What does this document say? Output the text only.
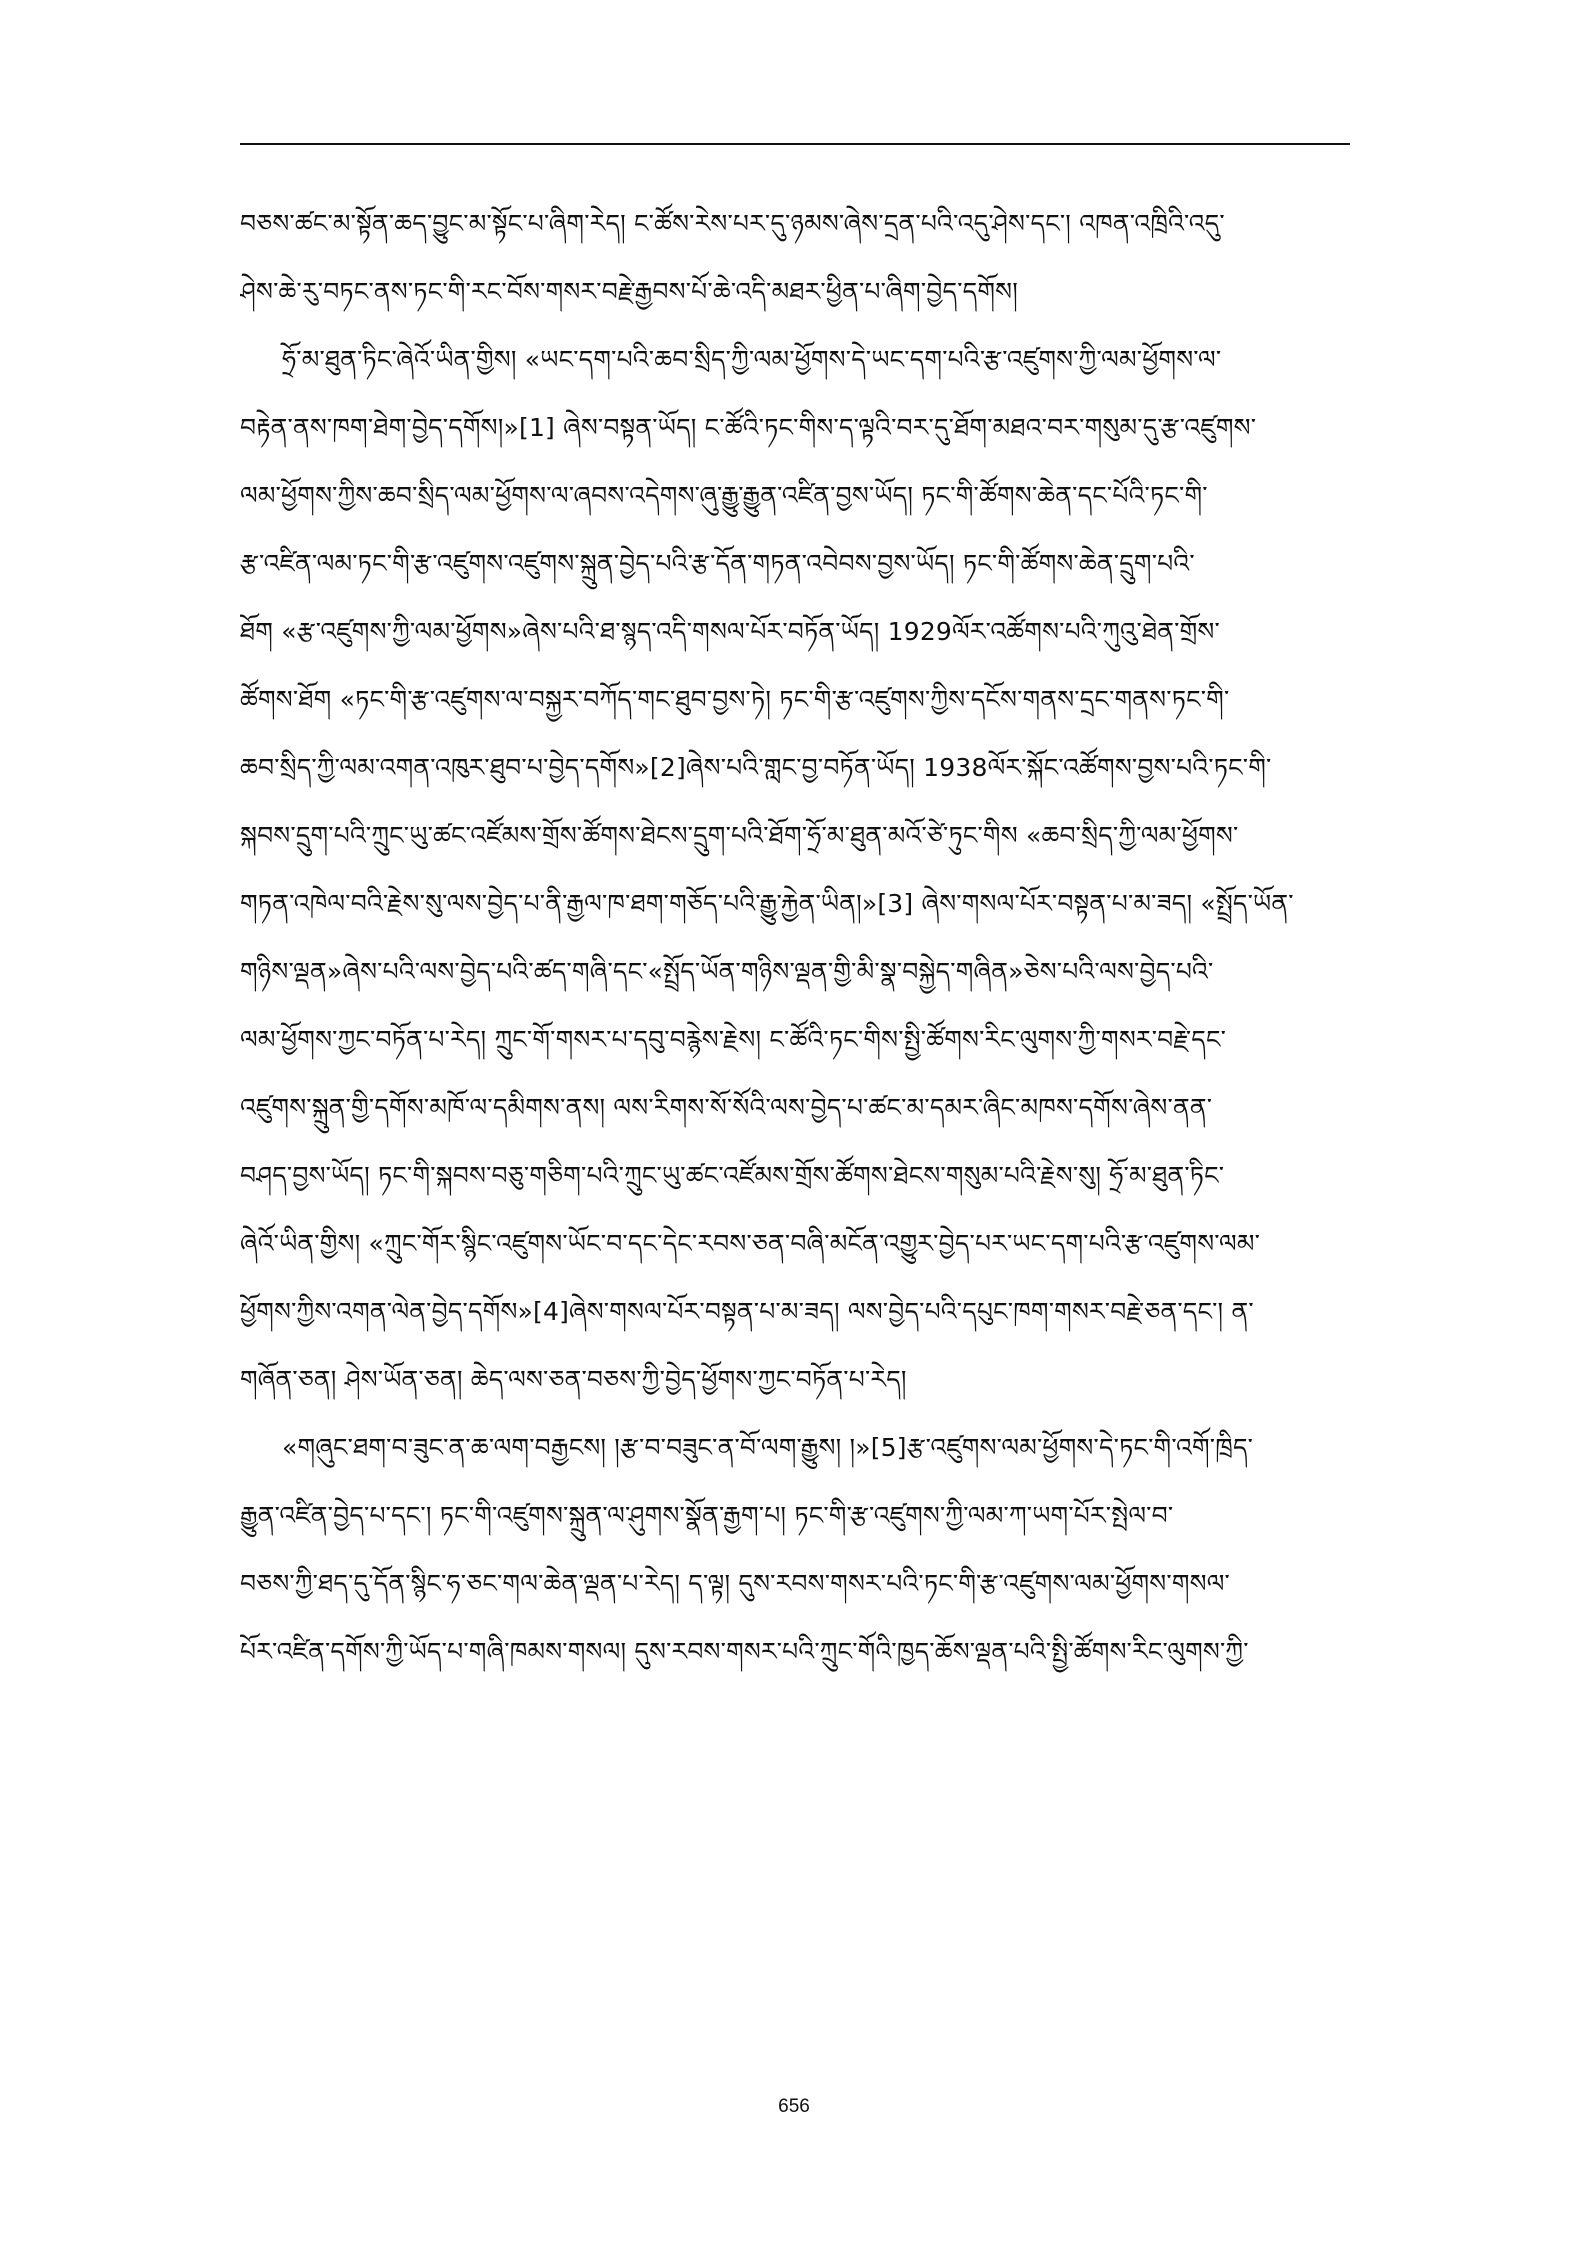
བཅས་ཚང་མ་སྟོན་ཆད་བྱུང་མ་སྟོང་པ་ཞིག་རེད། ང་ཚོས་རེས་པར་དུ་ཉམས་ཞེས་དྲན་པའི་འདུ་ཤེས་དང་། འཁན་འཁྲིའི་འདུ་
ཤེས་ཆེ་རུ་བཏང་ནས་ཏང་གི་རང་བོས་གསར་བརྗེ་རྒྱབས་པོ་ཆེ་འདི་མཐར་ཕྱིན་པ་ཞིག་བྱེད་དགོས།
ཧྲོ་མ་ཐུན་ཏིང་ཞེའོ་ཡིན་གྱིས། «ཡང་དག་པའི་ཆབ་སྲིད་ཀྱི་ལམ་ཕྱོགས་དེ་ཡང་དག་པའི་རྩ་འཛུགས་ཀྱི་ལམ་ཕྱོགས་ལ་
བརྟེན་ནས་ཁག་ཐེག་བྱེད་དགོས།»[1] ཞེས་བསྟན་ཡོད། ང་ཚོའི་ཏང་གིས་ད་ལྟའི་བར་དུ་ཐོག་མཐའ་བར་གསུམ་དུ་རྩ་འཛུགས་
ལམ་ཕྱོགས་ཀྱིས་ཆབ་སྲིད་ལམ་ཕྱོགས་ལ་ཞབས་འདེགས་ཞུ་རྒྱུ་རྒྱུན་འཛིན་བྱས་ཡོད། ཏང་གི་ཚོགས་ཆེན་དང་པོའི་ཏང་གི་
རྩ་འཛིན་ལམ་ཏང་གི་རྩ་འཛུགས་འཛུགས་སྐྲུན་བྱེད་པའི་རྩ་དོན་གཏན་འབེབས་བྱས་ཡོད། ཏང་གི་ཚོགས་ཆེན་དྲུག་པའི་
ཐོག «རྩ་འཛུགས་ཀྱི་ལམ་ཕྱོགས»ཞེས་པའི་ཐ་སྙད་འདི་གསལ་པོར་བཏོན་ཡོད། 1929ལོར་འཚོགས་པའི་ཀུའུ་ཐེན་གྲོས་
ཚོགས་ཐོག «ཏང་གི་རྩ་འཛུགས་ལ་བསྐྱར་བཀོད་གང་ཐུབ་བྱས་ཏེ། ཏང་གི་རྩ་འཛུགས་ཀྱིས་དངོས་གནས་དྲང་གནས་ཏང་གི་
ཆབ་སྲིད་ཀྱི་ལམ་འགན་འཁུར་ཐུབ་པ་བྱེད་དགོས»[2]ཞེས་པའི་གླང་བྱ་བཏོན་ཡོད། 1938ལོར་སྐོང་འཚོགས་བྱས་པའི་ཏང་གི་
སྐབས་དྲུག་པའི་ཀྲུང་ཡུ་ཚང་འཛོམས་གྲོས་ཚོགས་ཐེངས་དྲུག་པའི་ཐོག་ཧྲོ་མ་ཐུན་མའོ་ཙེ་ཏུང་གིས «ཆབ་སྲིད་ཀྱི་ལམ་ཕྱོགས་
གཏན་འཁེལ་བའི་རྗེས་སུ་ལས་བྱེད་པ་ནི་རྒྱལ་ཁ་ཐག་གཅོད་པའི་རྒྱུ་རྐྱེན་ཡིན།»[3] ཞེས་གསལ་པོར་བསྟན་པ་མ་ཟད། «སྤྲོད་ཡོན་
གཉིས་ལྡན»ཞེས་པའི་ལས་བྱེད་པའི་ཚད་གཞི་དང་«སྤྲོད་ཡོན་གཉིས་ལྡན་གྱི་མི་སྣ་བསྐྱེད་གཞིན»ཅེས་པའི་ལས་བྱེད་པའི་
ལམ་ཕྱོགས་ཀྱང་བཏོན་པ་རེད། ཀྲུང་གོ་གསར་པ་དབུ་བརྙེས་རྗེས། ང་ཚོའི་ཏང་གིས་སྤྱི་ཚོགས་རིང་ལུགས་ཀྱི་གསར་བརྗེ་དང་
འཛུགས་སྐྲུན་གྱི་དགོས་མཁོ་ལ་དམིགས་ནས། ལས་རིགས་སོ་སོའི་ལས་བྱེད་པ་ཚང་མ་དམར་ཞིང་མཁས་དགོས་ཞེས་ནན་
བཤད་བྱས་ཡོད། ཏང་གི་སྐབས་བཅུ་གཅིག་པའི་ཀྲུང་ཡུ་ཚང་འཛོམས་གྲོས་ཚོགས་ཐེངས་གསུམ་པའི་རྗེས་སུ། ཧྲོ་མ་ཐུན་ཏིང་
ཞེའོ་ཡིན་གྱིས། «ཀྲུང་གོར་སྙིང་འཛུགས་ཡོང་བ་དང་དེང་རབས་ཅན་བཞི་མངོན་འགྱུར་བྱེད་པར་ཡང་དག་པའི་རྩ་འཛུགས་ལམ་
ཕྱོགས་ཀྱིས་འགན་ལེན་བྱེད་དགོས»[4]ཞེས་གསལ་པོར་བསྟན་པ་མ་ཟད། ལས་བྱེད་པའི་དཔུང་ཁག་གསར་བརྗེ་ཅན་དང་། ན་
གཞོན་ཅན། ཤེས་ཡོན་ཅན། ཆེད་ལས་ཅན་བཅས་ཀྱི་བྱེད་ཕྱོགས་ཀྱང་བཏོན་པ་རེད།
«གཞུང་ཐག་བ་ཟུང་ན་ཆ་ལག་བརྒྱངས། །རྩ་བ་བཟུང་ན་བོ་ལག་རྒྱུས། །»[5]རྩ་འཛུགས་ལམ་ཕྱོགས་དེ་ཏང་གི་འགོ་ཁྲིད་
རྒྱུན་འཛིན་བྱེད་པ་དང་། ཏང་གི་འཛུགས་སྐྲུན་ལ་ཤུགས་སྣོན་རྒྱག་པ། ཏང་གི་རྩ་འཛུགས་ཀྱི་ལམ་ཀ་ཡག་པོར་སྤེལ་བ་
བཅས་ཀྱི་ཐད་དུ་དོན་སྙིང་ཧ་ཅང་གལ་ཆེན་ལྡན་པ་རེད། ད་ལྟ། དུས་རབས་གསར་པའི་ཏང་གི་རྩ་འཛུགས་ལམ་ཕྱོགས་གསལ་
པོར་འཛིན་དགོས་ཀྱི་ཡོད་པ་གཞི་ཁམས་གསལ། དུས་རབས་གསར་པའི་ཀྲུང་གོའི་ཁྱད་ཆོས་ལྡན་པའི་སྤྱི་ཚོགས་རིང་ལུགས་ཀྱི་
656
